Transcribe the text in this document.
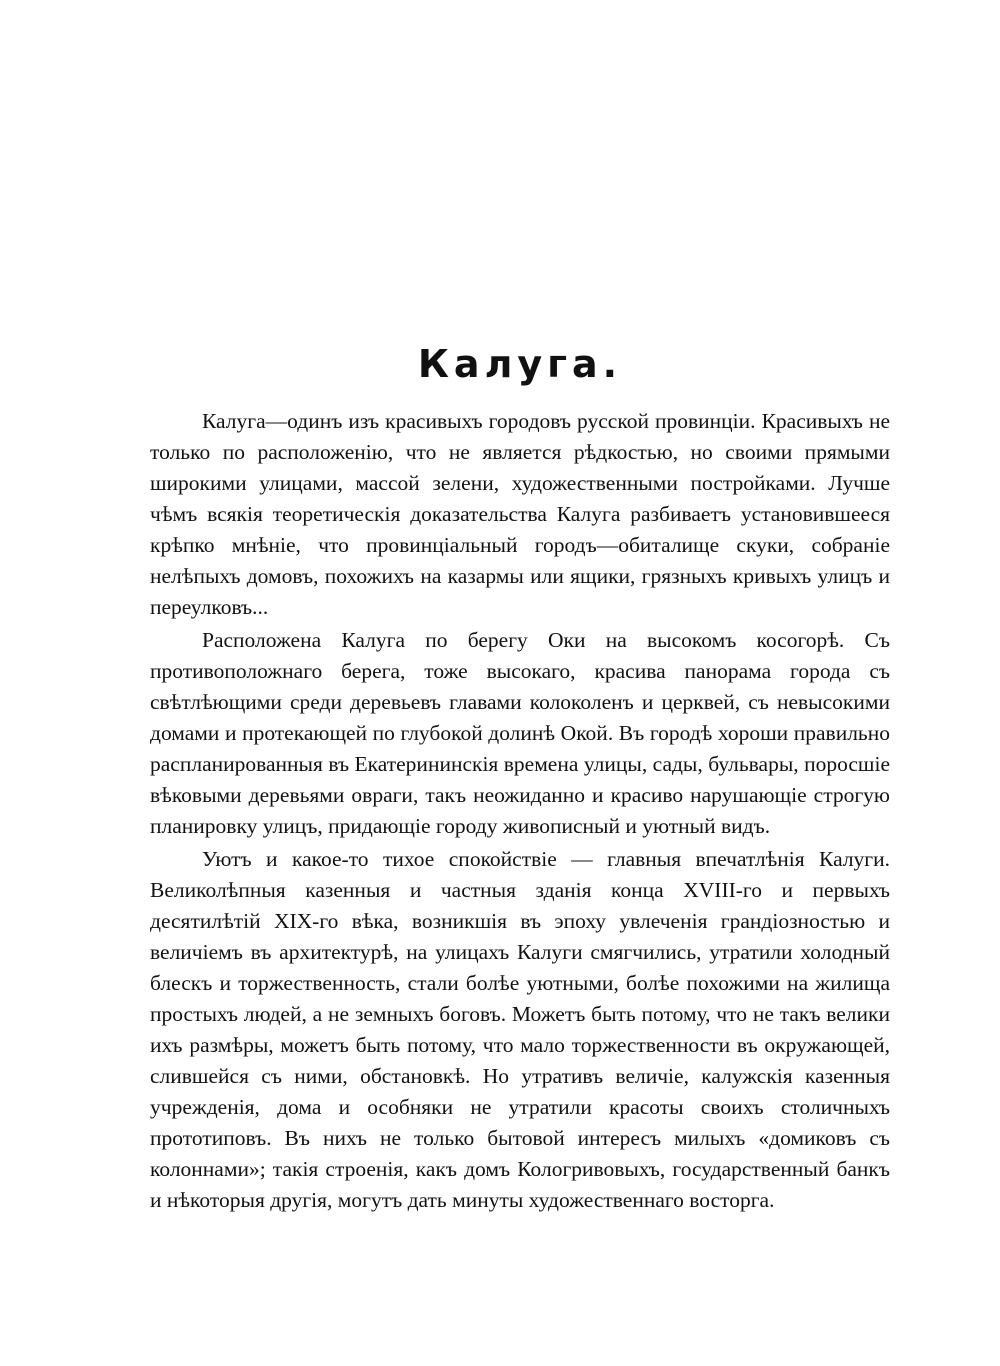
Калуга.

Калуга—одинъ изъ красивыхъ городовъ русской провинціи. Красивыхъ не только по расположенію, что не является рѣдкостью, но своими прямыми широкими улицами, массой зелени, художественными постройками. Лучше чѣмъ всякія теоретическія доказательства Калуга разбиваетъ установившееся крѣпко мнѣніе, что провинціальный городъ—обиталище скуки, собраніе нелѣпыхъ домовъ, похожихъ на казармы или ящики, грязныхъ кривыхъ улицъ и переулковъ...

Расположена Калуга по берегу Оки на высокомъ косогорѣ. Съ противоположнаго берега, тоже высокаго, красива панорама города съ свѣтлѣющими среди деревьевъ главами колоколенъ и церквей, съ невысокими домами и протекающей по глубокой долинѣ Окой. Въ городѣ хороши правильно распланированныя въ Екатерининскія времена улицы, сады, бульвары, поросшіе вѣковыми деревьями овраги, такъ неожиданно и красиво нарушающіе строгую планировку улицъ, придающіе городу живописный и уютный видъ.

Уютъ и какое-то тихое спокойствіе — главныя впечатлѣнія Калуги. Великолѣпныя казенныя и частныя зданія конца XVIII-го и первыхъ десятилѣтій XIX-го вѣка, возникшія въ эпоху увлеченія грандіозностью и величіемъ въ архитектурѣ, на улицахъ Калуги смягчились, утратили холодный блескъ и торжественность, стали болѣе уютными, болѣе похожими на жилища простыхъ людей, а не земныхъ боговъ. Можетъ быть потому, что не такъ велики ихъ размѣры, можетъ быть потому, что мало торжественности въ окружающей, слившейся съ ними, обстановкѣ. Но утративъ величіе, калужскія казенныя учрежденія, дома и особняки не утратили красоты своихъ столичныхъ прототиповъ. Въ нихъ не только бытовой интересъ милыхъ «домиковъ съ колоннами»; такія строенія, какъ домъ Кологривовыхъ, государственный банкъ и нѣкоторыя другія, могутъ дать минуты художественнаго восторга.
